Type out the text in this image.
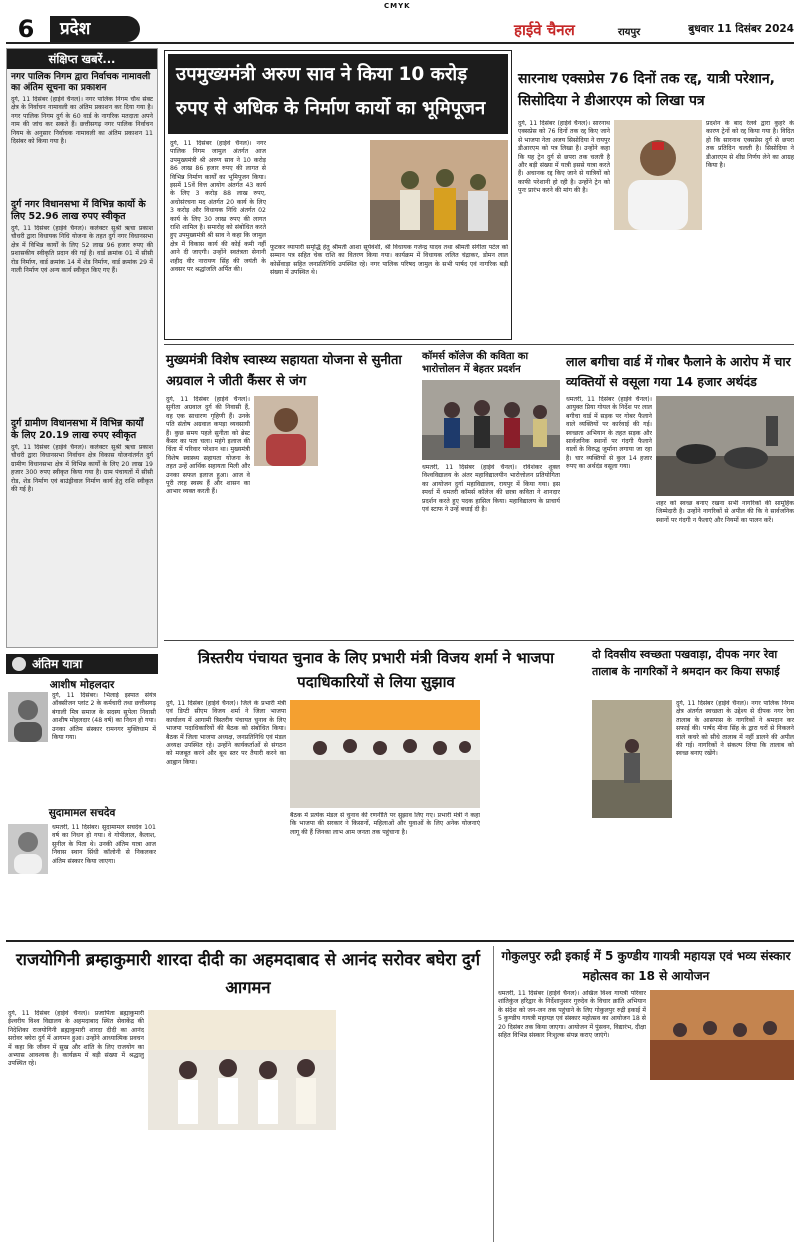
CMYK
6	प्रदेश	हाईवे चैनल	रायपुर	बुधवार 11 दिसंबर 2024
संक्षिप्त खबरें...
नगर पालिक निगम द्वारा निर्वाचक नामावली का अंतिम सूचना का प्रकाशन
दुर्ग, 11 दिसंबर (हाईवे चैनल)। नगर पालिक निगम चौथ सेक्ट क्षेत्र के निर्वाचन नामावली का अंतिम प्रकाशन कर दिया गया है। नगर पालिक निगम दुर्ग के 60 वार्ड के नागरिक मतदाता अपने नाम की जांच कर सकते हैं। छत्तीसगढ़ नगर पालिक निर्वाचन नियम के अनुसार निर्वाचक नामावली का अंतिम प्रकाशन 11 दिसंबर को किया गया है।
दुर्ग नगर विधानसभा में विभिन्न कार्यो के लिए 52.96 लाख रुपए स्वीकृत
दुर्ग, 11 दिसंबर (हाईवे चैनल)। कलेक्टर सुश्री ऋचा प्रकाश चौधरी द्वारा विधायक निधि योजना के तहत दुर्ग नगर विधानसभा क्षेत्र में विभिन्न कार्यों के लिए 52 लाख 96 हजार रुपए की प्रशासकीय स्वीकृति प्रदान की गई है। वार्ड क्रमांक 01 में सीसी रोड निर्माण, वार्ड क्रमांक 14 में शेड निर्माण, वार्ड क्रमांक 29 में नाली निर्माण एवं अन्य कार्य स्वीकृत किए गए हैं।
दुर्ग ग्रामीण विधानसभा में विभिन्न कार्यों के लिए 20.19 लाख रुपए स्वीकृत
दुर्ग, 11 दिसंबर (हाईवे चैनल)। कलेक्टर सुश्री ऋचा प्रकाश चौधरी द्वारा विधानसभा निर्वाचन क्षेत्र विकास योजनांतर्गत दुर्ग ग्रामीण विधानसभा क्षेत्र में विभिन्न कार्यों के लिए 20 लाख 19 हजार 300 रुपए स्वीकृत किया गया है। ग्राम पंचायतों में सीसी रोड, शेड निर्माण एवं बाउंड्रीवाल निर्माण कार्य हेतु राशि स्वीकृत की गई है।
अंतिम यात्रा
आशीष मोहलदार
दुर्ग, 11 दिसंबर। भिलाई इस्पात संयंत्र ऑक्सीजन प्लांट 2 के कर्मचारी तथा छत्तीसगढ़ बंगाली मित्र समाज के सदस्य सुपेला निवासी आशीष मोहलदार (48 वर्ष) का निधन हो गया। उनका अंतिम संस्कार रामनगर मुक्तिधाम में किया गया।
सुदामामल सचदेव
धमतरी, 11 दिसंबर। सुदामामल सचदेव 101 वर्ष का निधन हो गया। वे गोपीलाल, कैलाश, सुनील के पिता थे। उनकी अंतिम यात्रा आज निवास स्थान सिंधी कॉलोनी से निकलकर अंतिम संस्कार किया जाएगा।
उपमुख्यमंत्री अरुण साव ने किया 10 करोड़ रुपए से अधिक के निर्माण कार्यो का भूमिपूजन
दुर्ग, 11 दिसंबर (हाईवे चैनल)। नगर पालिक निगम जामुल अंतर्गत आज उपमुख्यमंत्री श्री अरुण साव ने 10 करोड़ 86 लाख 86 हजार रुपए की लागत से विभिन्न निर्माण कार्यों का भूमिपूजन किया। इसमें 15वें वित्त आयोग अंतर्गत 43 कार्य के लिए 3 करोड़ 88 लाख रुपए, अधोसंरचना मद अंतर्गत 20 कार्य के लिए 3 करोड़ और विधायक निधि अंतर्गत 02 कार्य के लिए 30 लाख रुपए की लागत राशि शामिल है। समारोह को संबोधित करते हुए उपमुख्यमंत्री श्री साव ने कहा कि जामुल क्षेत्र में विकास कार्य की कोई कमी नहीं आने दी जाएगी। उन्होंने स्वतंत्रता सेनानी शहीद वीर नारायण सिंह की जयंती के अवसर पर श्रद्धांजलि अर्पित की।
फूटकर व्यापारी समृद्धि हेतु श्रीमती आशा सूर्यवंशी, श्री विधायक गजेन्द्र यादव तथा श्रीमती संगीता पटेल को सम्मान पत्र सहित चेक राशि का वितरण किया गया। कार्यक्रम में विधायक ललित चंद्राकर, डोमन लाल कोर्सेवाड़ा सहित जनप्रतिनिधि उपस्थित रहे। नगर पालिक परिषद जामुल के सभी पार्षद एवं नागरिक बड़ी संख्या में उपस्थित थे।
सारनाथ एक्सप्रेस 76 दिनों तक रद्द, यात्री परेशान, सिसोदिया ने डीआरएम को लिखा पत्र
दुर्ग, 11 दिसंबर (हाईवे चैनल)। सारनाथ एक्सप्रेस को 76 दिनों तक रद्द किए जाने से भाजपा नेता अजय सिसोदिया ने रायपुर डीआरएम को पत्र लिखा है। उन्होंने कहा कि यह ट्रेन दुर्ग से छपरा तक चलती है और बड़ी संख्या में यात्री इससे यात्रा करते हैं। अचानक रद्द किए जाने से यात्रियों को काफी परेशानी हो रही है। उन्होंने ट्रेन को पुनः प्रारंभ करने की मांग की है।
प्रदर्शन के बाद रेलवे द्वारा कुहरे के कारण ट्रेनों को रद्द किया गया है। विदित हो कि सारनाथ एक्सप्रेस दुर्ग से छपरा तक प्रतिदिन चलती है। सिसोदिया ने डीआरएम से शीघ्र निर्णय लेने का आग्रह किया है।
मुख्यमंत्री विशेष स्वास्थ्य सहायता योजना से सुनीता अग्रवाल ने जीती कैंसर से जंग
दुर्ग, 11 दिसंबर (हाईवे चैनल)। सुनीता अग्रवाल दुर्ग की निवासी हैं, वह एक साधारण गृहिणी हैं। उनके पति संतोष अग्रवाल कपड़ा व्यवसायी हैं। कुछ समय पहले सुनीता को ब्रेस्ट कैंसर का पता चला। महंगे इलाज की चिंता में परिवार परेशान था। मुख्यमंत्री विशेष स्वास्थ्य सहायता योजना के तहत उन्हें आर्थिक सहायता मिली और उनका सफल इलाज हुआ। आज वे पूरी तरह स्वस्थ हैं और शासन का आभार व्यक्त करती हैं।
कॉमर्स कॉलेज की कविता का भारोत्तोलन में बेहतर प्रदर्शन
धमतरी, 11 दिसंबर (हाईवे चैनल)। रविशंकर शुक्ल विश्वविद्यालय के अंतर महाविद्यालयीन भारोत्तोलन प्रतियोगिता का आयोजन दुर्गा महाविद्यालय, रायपुर में किया गया। इस स्पर्धा में धमतरी कॉमर्स कॉलेज की छात्रा कविता ने शानदार प्रदर्शन करते हुए पदक हासिल किया। महाविद्यालय के प्राचार्य एवं स्टाफ ने उन्हें बधाई दी है।
लाल बगीचा वार्ड में गोबर फैलाने के आरोप में चार व्यक्तियों से वसूला गया 14 हजार अर्थदंड
धमतरी, 11 दिसंबर (हाईवे चैनल)। आयुक्त प्रिया गोयल के निर्देश पर लाल बगीचा वार्ड में सड़क पर गोबर फैलाने वाले व्यक्तियों पर कार्रवाई की गई। स्वच्छता अभियान के तहत सड़क और सार्वजनिक स्थानों पर गंदगी फैलाने वालों के विरुद्ध जुर्माना लगाया जा रहा है। चार व्यक्तियों से कुल 14 हजार रुपए का अर्थदंड वसूला गया।
शहर को स्वच्छ बनाए रखना सभी नागरिकों की सामूहिक जिम्मेदारी है। उन्होंने नागरिकों से अपील की कि वे सार्वजनिक स्थानों पर गंदगी न फैलाएं और नियमों का पालन करें।
त्रिस्तरीय पंचायत चुनाव के लिए प्रभारी मंत्री विजय शर्मा ने भाजपा पदाधिकारियों से लिया सुझाव
दुर्ग, 11 दिसंबर (हाईवे चैनल)। जिले के प्रभारी मंत्री एवं डिप्टी सीएम विजय शर्मा ने जिला भाजपा कार्यालय में आगामी त्रिस्तरीय पंचायत चुनाव के लिए भाजपा पदाधिकारियों की बैठक को संबोधित किया। बैठक में जिला भाजपा अध्यक्ष, जनप्रतिनिधि एवं मंडल अध्यक्ष उपस्थित रहे। उन्होंने कार्यकर्ताओं से संगठन को मजबूत करने और बूथ स्तर पर तैयारी करने का आह्वान किया।
बैठक में प्रत्येक मंडल से चुनाव की रणनीति पर सुझाव लिए गए। प्रभारी मंत्री ने कहा कि भाजपा की सरकार ने किसानों, महिलाओं और युवाओं के लिए अनेक योजनाएं लागू की हैं जिनका लाभ आम जनता तक पहुंचाना है।
दो दिवसीय स्वच्छता पखवाड़ा, दीपक नगर रेवा तालाब के नागरिकों ने श्रमदान कर किया सफाई
दुर्ग, 11 दिसंबर (हाईवे चैनल)। नगर पालिक निगम क्षेत्र अंतर्गत स्वच्छता के उद्देश्य से दीपक नगर रेवा तालाब के आसपास के नागरिकों ने श्रमदान कर सफाई की। पार्षद मीना सिंह के द्वारा घरों से निकलने वाले कचरे को सीधे तालाब में नहीं डालने की अपील की गई। नागरिकों ने संकल्प लिया कि तालाब को स्वच्छ बनाए रखेंगे।
राजयोगिनी ब्रम्हाकुमारी शारदा दीदी का अहमदाबाद से आनंद सरोवर बघेरा दुर्ग आगमन
दुर्ग, 11 दिसंबर (हाईवे चैनल)। प्रजापिता ब्रह्माकुमारी ईश्वरीय विश्व विद्यालय के अहमदाबाद स्थित सेवाकेंद्र की निदेशिका राजयोगिनी ब्रह्माकुमारी शारदा दीदी का आनंद सरोवर बघेरा दुर्ग में आगमन हुआ। उन्होंने आध्यात्मिक प्रवचन में कहा कि जीवन में सुख और शांति के लिए राजयोग का अभ्यास आवश्यक है। कार्यक्रम में बड़ी संख्या में श्रद्धालु उपस्थित रहे।
गोकुलपुर रुद्री इकाई में 5 कुण्डीय गायत्री महायज्ञ एवं भव्य संस्कार महोत्सव का 18 से आयोजन
धमतरी, 11 दिसंबर (हाईवे चैनल)। अखिल विश्व गायत्री परिवार शांतिकुंज हरिद्वार के निर्देशानुसार गुरुदेव के विचार क्रांति अभियान के संदेश को जन-जन तक पहुंचाने के लिए गोकुलपुर रुद्री इकाई में 5 कुण्डीय गायत्री महायज्ञ एवं संस्कार महोत्सव का आयोजन 18 से 20 दिसंबर तक किया जाएगा। आयोजन में पुंसवन, विद्यारंभ, दीक्षा सहित विभिन्न संस्कार निःशुल्क संपन्न कराए जाएंगे।
